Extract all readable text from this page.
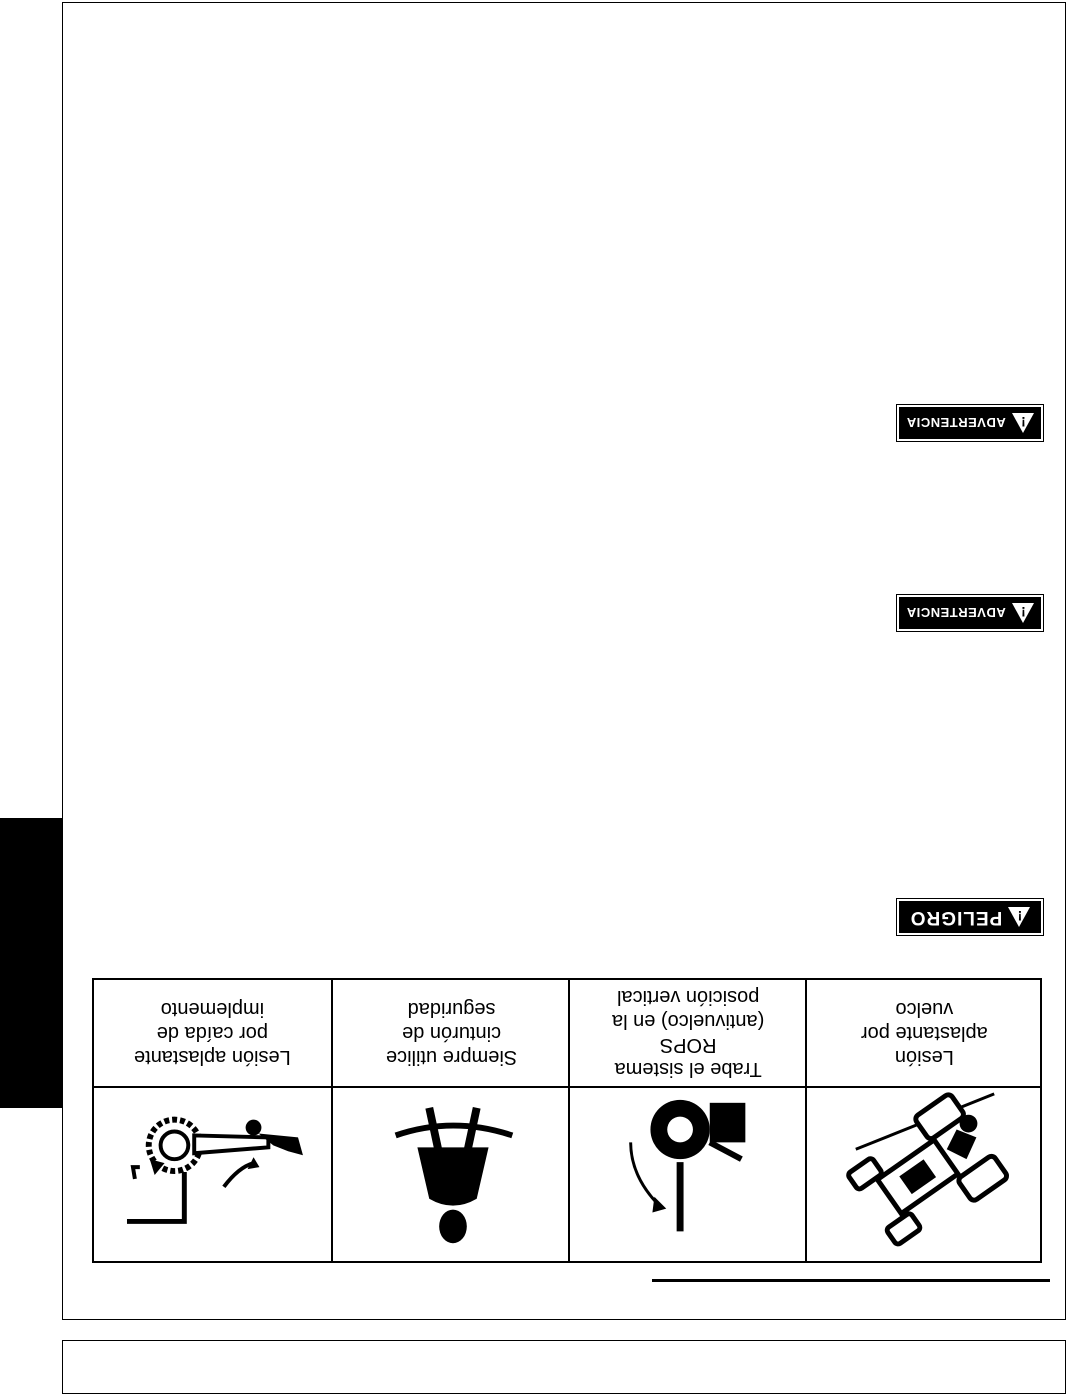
!
ADVERTENCIA
!
ADVERTENCIA
!
PELIGRO
Lesión aplastante
por caída de
implemento
Siempre utilice
cinturón de
seguridad
Trabe el sistema
ROPS
(antivuelco) en la
posición vertical
Lesión
aplastante por
vuelco
